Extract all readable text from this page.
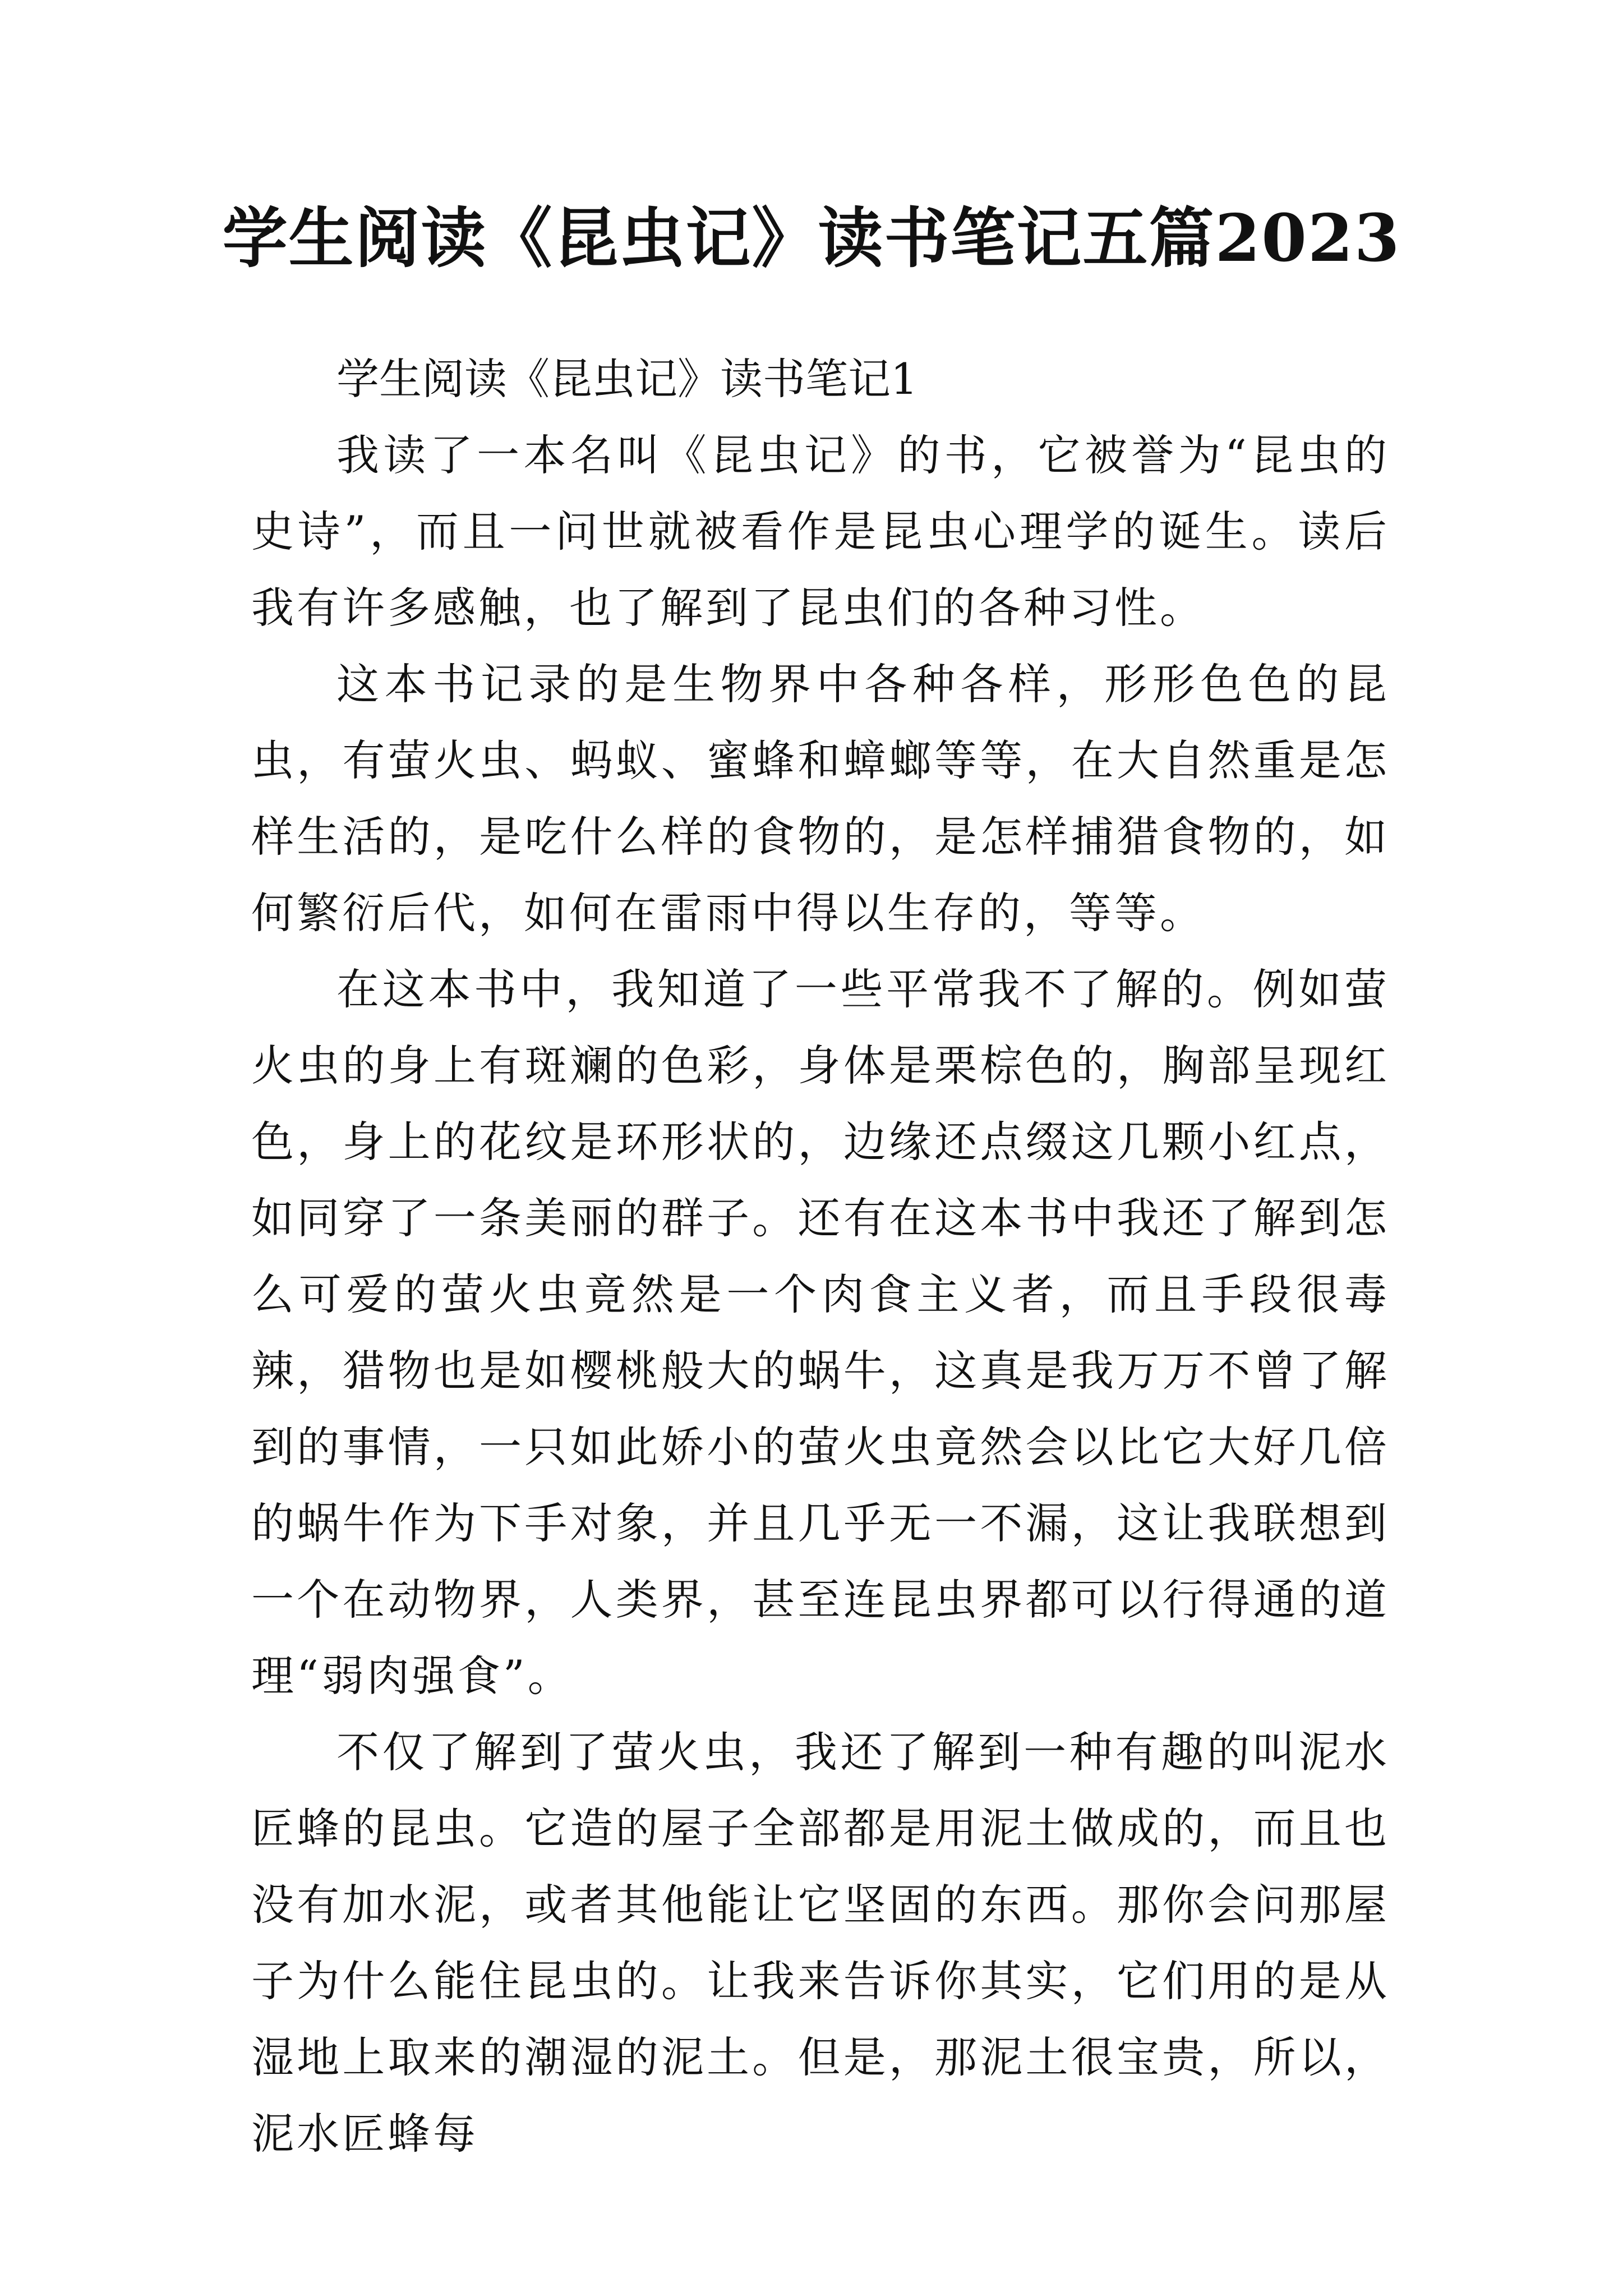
学生阅读《昆虫记》读书笔记五篇2023

学生阅读《昆虫记》读书笔记1

我读了一本名叫《昆虫记》的书，它被誉为“昆虫的史诗”，而且一问世就被看作是昆虫心理学的诞生。读后我有许多感触，也了解到了昆虫们的各种习性。

这本书记录的是生物界中各种各样，形形色色的昆虫，有萤火虫、蚂蚁、蜜蜂和蟑螂等等，在大自然重是怎样生活的，是吃什么样的食物的，是怎样捕猎食物的，如何繁衍后代，如何在雷雨中得以生存的，等等。

在这本书中，我知道了一些平常我不了解的。例如萤火虫的身上有斑斓的色彩，身体是栗棕色的，胸部呈现红色，身上的花纹是环形状的，边缘还点缀这几颗小红点，如同穿了一条美丽的群子。还有在这本书中我还了解到怎么可爱的萤火虫竟然是一个肉食主义者，而且手段很毒辣，猎物也是如樱桃般大的蜗牛，这真是我万万不曾了解到的事情，一只如此娇小的萤火虫竟然会以比它大好几倍的蜗牛作为下手对象，并且几乎无一不漏，这让我联想到一个在动物界，人类界，甚至连昆虫界都可以行得通的道理“弱肉强食”。

不仅了解到了萤火虫，我还了解到一种有趣的叫泥水匠蜂的昆虫。它造的屋子全部都是用泥土做成的，而且也没有加水泥，或者其他能让它坚固的东西。那你会问那屋子为什么能住昆虫的。让我来告诉你其实，它们用的是从湿地上取来的潮湿的泥土。但是，那泥土很宝贵，所以，泥水匠蜂每
